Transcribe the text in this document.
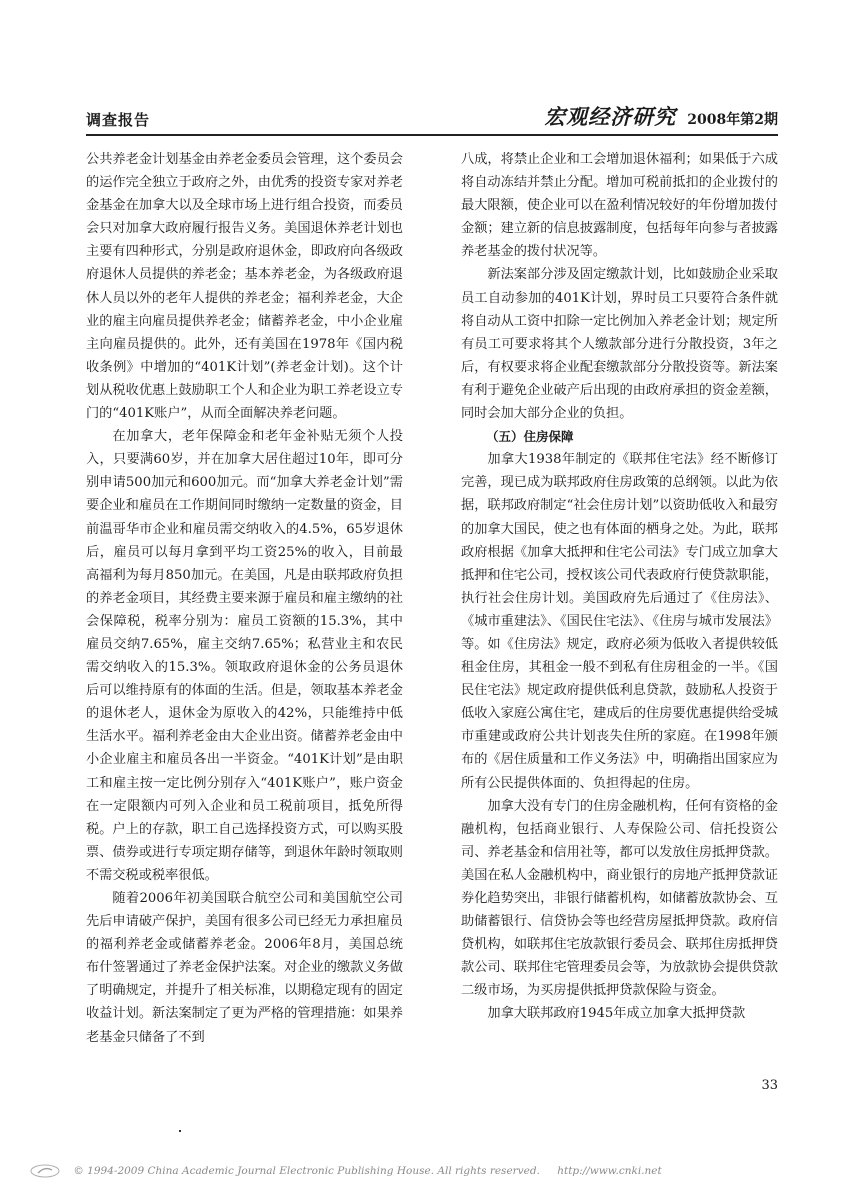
调查报告	宏观经济研究 2008年第2期

公共养老金计划基金由养老金委员会管理，这个委员会的运作完全独立于政府之外，由优秀的投资专家对养老金基金在加拿大以及全球市场上进行组合投资，而委员会只对加拿大政府履行报告义务。美国退休养老计划也主要有四种形式，分别是政府退休金，即政府向各级政府退休人员提供的养老金；基本养老金，为各级政府退休人员以外的老年人提供的养老金；福利养老金，大企业的雇主向雇员提供养老金；储蓄养老金，中小企业雇主向雇员提供的。此外，还有美国在1978年《国内税收条例》中增加的“401K计划”(养老金计划)。这个计划从税收优惠上鼓励职工个人和企业为职工养老设立专门的“401K账户”，从而全面解决养老问题。

在加拿大，老年保障金和老年金补贴无须个人投入，只要满60岁，并在加拿大居住超过10年，即可分别申请500加元和600加元。而“加拿大养老金计划”需要企业和雇员在工作期间同时缴纳一定数量的资金，目前温哥华市企业和雇员需交纳收入的4.5%，65岁退休后，雇员可以每月拿到平均工资25%的收入，目前最高福利为每月850加元。在美国，凡是由联邦政府负担的养老金项目，其经费主要来源于雇员和雇主缴纳的社会保障税，税率分别为：雇员工资额的15.3%，其中雇员交纳7.65%，雇主交纳7.65%；私营业主和农民需交纳收入的15.3%。领取政府退休金的公务员退休后可以维持原有的体面的生活。但是，领取基本养老金的退休老人，退休金为原收入的42%，只能维持中低生活水平。福利养老金由大企业出资。储蓄养老金由中小企业雇主和雇员各出一半资金。“401K计划”是由职工和雇主按一定比例分别存入“401K账户”，账户资金在一定限额内可列入企业和员工税前项目，抵免所得税。户上的存款，职工自己选择投资方式，可以购买股票、债券或进行专项定期存储等，到退休年龄时领取则不需交税或税率很低。

随着2006年初美国联合航空公司和美国航空公司先后申请破产保护，美国有很多公司已经无力承担雇员的福利养老金或储蓄养老金。2006年8月，美国总统布什签署通过了养老金保护法案。对企业的缴款义务做了明确规定，并提升了相关标准，以期稳定现有的固定收益计划。新法案制定了更为严格的管理措施：如果养老基金只储备了不到

八成，将禁止企业和工会增加退休福利；如果低于六成将自动冻结并禁止分配。增加可税前抵扣的企业拨付的最大限额，使企业可以在盈利情况较好的年份增加拨付金额；建立新的信息披露制度，包括每年向参与者披露养老基金的拨付状况等。

新法案部分涉及固定缴款计划，比如鼓励企业采取员工自动参加的401K计划，界时员工只要符合条件就将自动从工资中扣除一定比例加入养老金计划；规定所有员工可要求将其个人缴款部分进行分散投资，3年之后，有权要求将企业配套缴款部分分散投资等。新法案有利于避免企业破产后出现的由政府承担的资金差额，同时会加大部分企业的负担。

（五）住房保障

加拿大1938年制定的《联邦住宅法》经不断修订完善，现已成为联邦政府住房政策的总纲领。以此为依据，联邦政府制定“社会住房计划”以资助低收入和最穷的加拿大国民，使之也有体面的栖身之处。为此，联邦政府根据《加拿大抵押和住宅公司法》专门成立加拿大抵押和住宅公司，授权该公司代表政府行使贷款职能，执行社会住房计划。美国政府先后通过了《住房法》、《城市重建法》、《国民住宅法》、《住房与城市发展法》等。如《住房法》规定，政府必须为低收入者提供较低租金住房，其租金一般不到私有住房租金的一半。《国民住宅法》规定政府提供低利息贷款，鼓励私人投资于低收入家庭公寓住宅，建成后的住房要优惠提供给受城市重建或政府公共计划丧失住所的家庭。在1998年颁布的《居住质量和工作义务法》中，明确指出国家应为所有公民提供体面的、负担得起的住房。

加拿大没有专门的住房金融机构，任何有资格的金融机构，包括商业银行、人寿保险公司、信托投资公司、养老基金和信用社等，都可以发放住房抵押贷款。美国在私人金融机构中，商业银行的房地产抵押贷款证券化趋势突出，非银行储蓄机构，如储蓄放款协会、互助储蓄银行、信贷协会等也经营房屋抵押贷款。政府信贷机构，如联邦住宅放款银行委员会、联邦住房抵押贷款公司、联邦住宅管理委员会等，为放款协会提供贷款二级市场，为买房提供抵押贷款保险与资金。

加拿大联邦政府1945年成立加拿大抵押贷款

33
© 1994-2009 China Academic Journal Electronic Publishing House. All rights reserved. http://www.cnki.net
